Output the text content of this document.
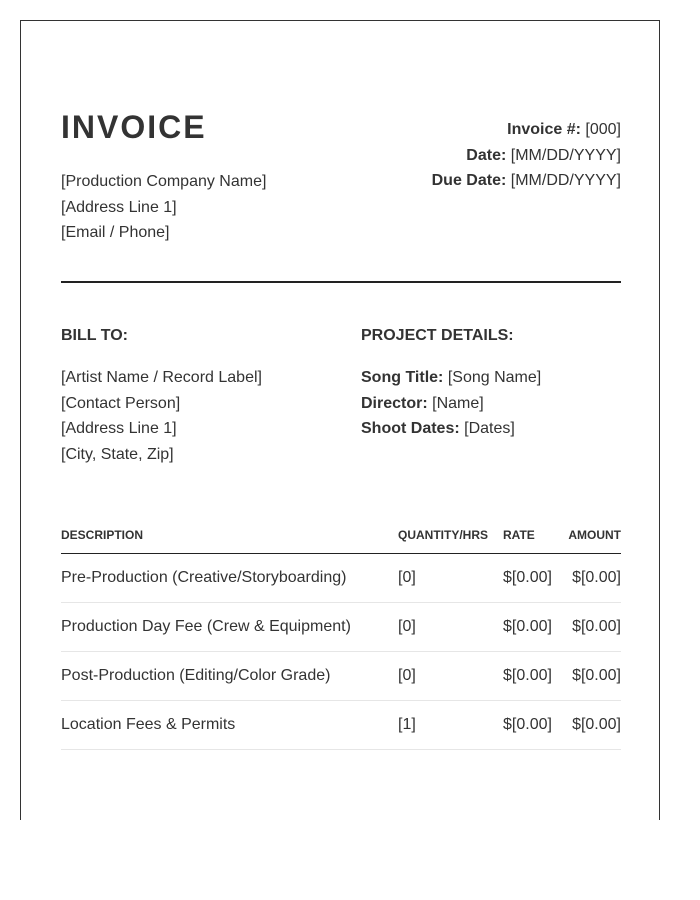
INVOICE
[Production Company Name]
[Address Line 1]
[Email / Phone]
Invoice #: [000]
Date: [MM/DD/YYYY]
Due Date: [MM/DD/YYYY]
BILL TO:	PROJECT DETAILS:
[Artist Name / Record Label]
[Contact Person]
[Address Line 1]
[City, State, Zip]
Song Title: [Song Name]
Director: [Name]
Shoot Dates: [Dates]
DESCRIPTION	QUANTITY/HRS	RATE	AMOUNT
Pre-Production (Creative/Storyboarding)	[0]	$[0.00]	$[0.00]
Production Day Fee (Crew & Equipment)	[0]	$[0.00]	$[0.00]
Post-Production (Editing/Color Grade)	[0]	$[0.00]	$[0.00]
Location Fees & Permits	[1]	$[0.00]	$[0.00]
